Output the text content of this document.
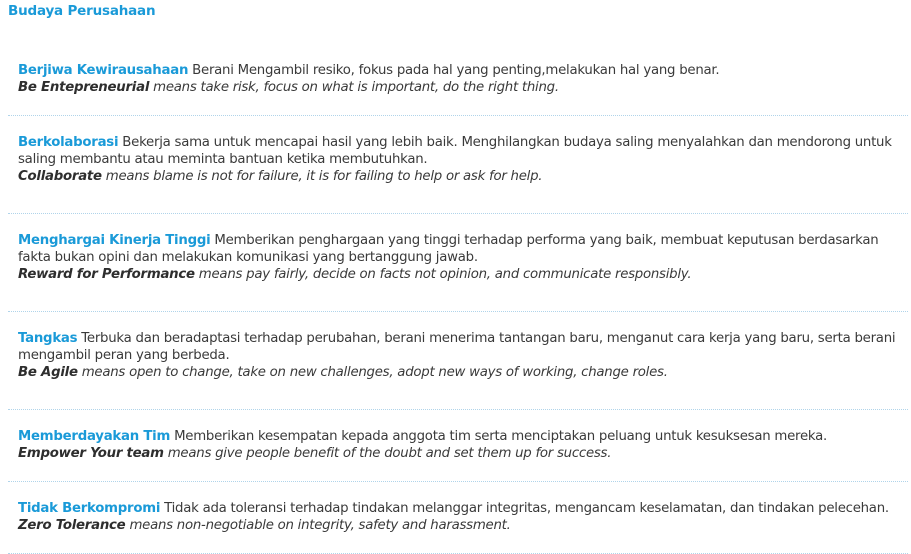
Budaya Perusahaan

Berjiwa Kewirausahaan Berani Mengambil resiko, fokus pada hal yang penting,melakukan hal yang benar.

Be Entepreneurial means take risk, focus on what is important, do the right thing.

Berkolaborasi Bekerja sama untuk mencapai hasil yang lebih baik. Menghilangkan budaya saling menyalahkan dan mendorong untuk saling membantu atau meminta bantuan ketika membutuhkan.

Collaborate means blame is not for failure, it is for failing to help or ask for help.

Menghargai Kinerja Tinggi Memberikan penghargaan yang tinggi terhadap performa yang baik, membuat keputusan berdasarkan fakta bukan opini dan melakukan komunikasi yang bertanggung jawab.

Reward for Performance means pay fairly, decide on facts not opinion, and communicate responsibly.

Tangkas Terbuka dan beradaptasi terhadap perubahan, berani menerima tantangan baru, menganut cara kerja yang baru, serta berani mengambil peran yang berbeda.

Be Agile means open to change, take on new challenges, adopt new ways of working, change roles.

Memberdayakan Tim Memberikan kesempatan kepada anggota tim serta menciptakan peluang untuk kesuksesan mereka.

Empower Your team means give people benefit of the doubt and set them up for success.

Tidak Berkompromi Tidak ada toleransi terhadap tindakan melanggar integritas, mengancam keselamatan, dan tindakan pelecehan.

Zero Tolerance means non-negotiable on integrity, safety and harassment.
